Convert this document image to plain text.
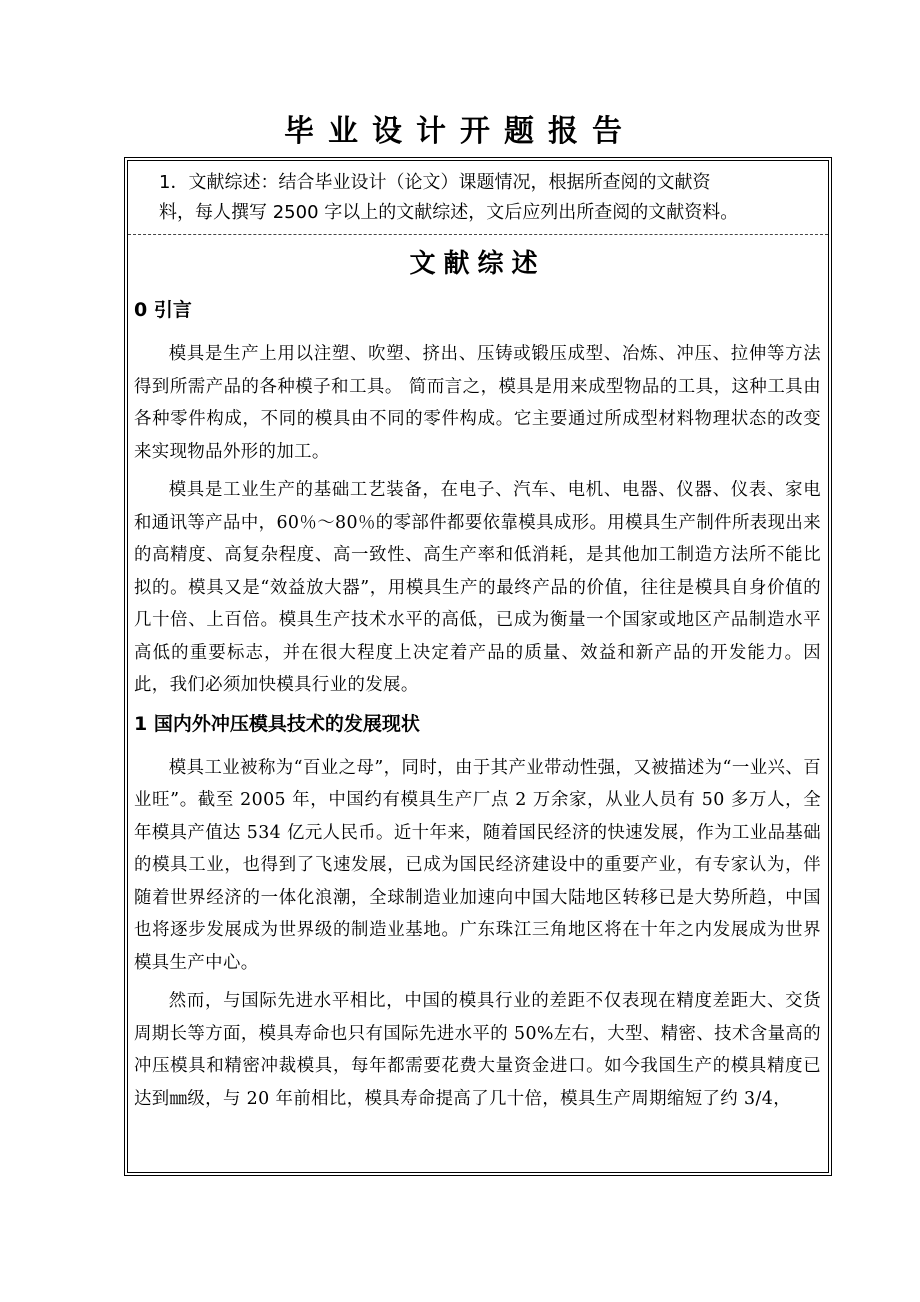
毕业设计开题报告

1．文献综述：结合毕业设计（论文）课题情况，根据所查阅的文献资

料，每人撰写 2500 字以上的文献综述，文后应列出所查阅的文献资料。

文献综述
0 引言

模具是生产上用以注塑、吹塑、挤出、压铸或锻压成型、冶炼、冲压、拉伸等方法得到所需产品的各种模子和工具。 简而言之，模具是用来成型物品的工具，这种工具由各种零件构成，不同的模具由不同的零件构成。它主要通过所成型材料物理状态的改变来实现物品外形的加工。

模具是工业生产的基础工艺装备，在电子、汽车、电机、电器、仪器、仪表、家电和通讯等产品中，60％～80％的零部件都要依靠模具成形。用模具生产制件所表现出来的高精度、高复杂程度、高一致性、高生产率和低消耗，是其他加工制造方法所不能比拟的。模具又是“效益放大器”，用模具生产的最终产品的价值，往往是模具自身价值的几十倍、上百倍。模具生产技术水平的高低，已成为衡量一个国家或地区产品制造水平高低的重要标志，并在很大程度上决定着产品的质量、效益和新产品的开发能力。因此，我们必须加快模具行业的发展。

1 国内外冲压模具技术的发展现状

模具工业被称为“百业之母”，同时，由于其产业带动性强，又被描述为“一业兴、百业旺”。截至 2005 年，中国约有模具生产厂点 2 万余家，从业人员有 50 多万人，全年模具产值达 534 亿元人民币。近十年来，随着国民经济的快速发展，作为工业品基础的模具工业，也得到了飞速发展，已成为国民经济建设中的重要产业，有专家认为，伴随着世界经济的一体化浪潮，全球制造业加速向中国大陆地区转移已是大势所趋，中国也将逐步发展成为世界级的制造业基地。广东珠江三角地区将在十年之内发展成为世界模具生产中心。

然而，与国际先进水平相比，中国的模具行业的差距不仅表现在精度差距大、交货周期长等方面，模具寿命也只有国际先进水平的 50%左右，大型、精密、技术含量高的冲压模具和精密冲裁模具，每年都需要花费大量资金进口。如今我国生产的模具精度已达到㎜级，与 20 年前相比，模具寿命提高了几十倍，模具生产周期缩短了约 3/4，
